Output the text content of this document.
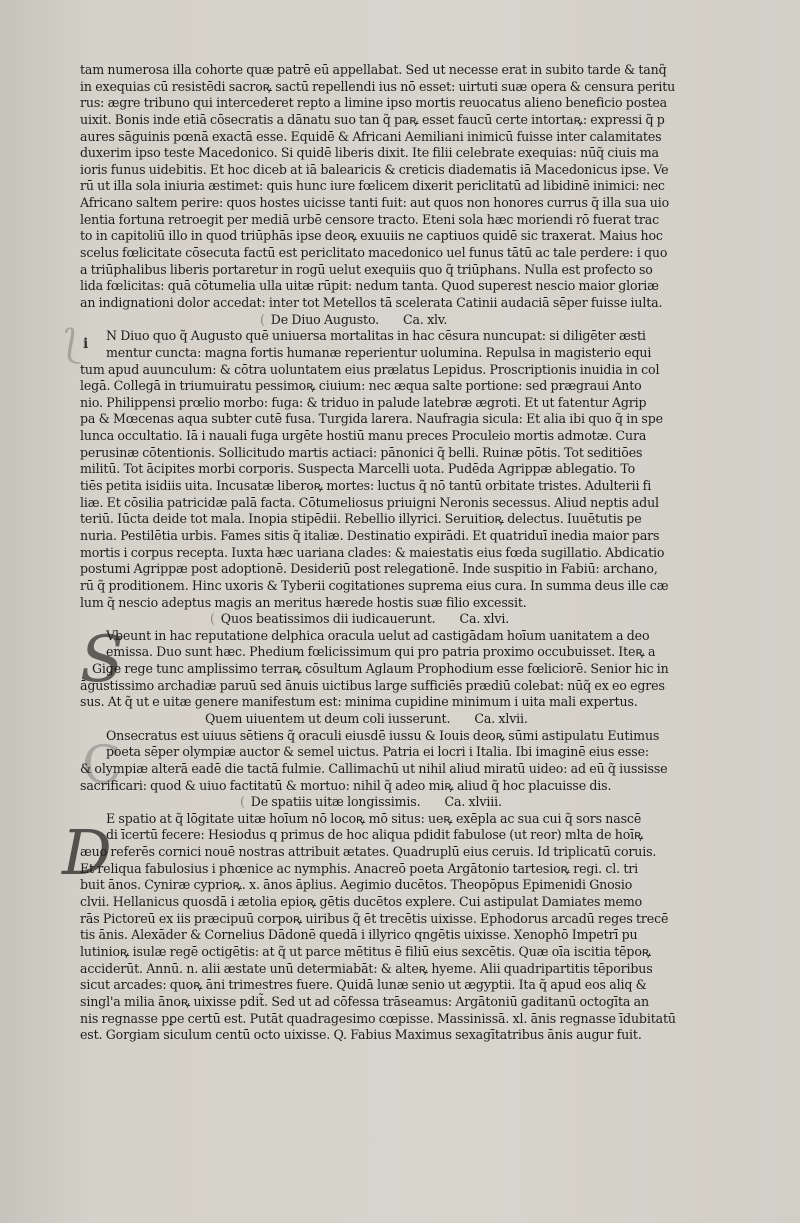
⟅ i
S
C
D
tam numerosa illa cohorte quæ patrē eū appellabat. Sed ut necesse erat in subito tarde & tanq̃
in exequias cū resistēdi sacroꝶ sactū repellendi ius nō esset: uirtuti suæ opera & censura peritu
rus: ægre tribuno qui intercederet repto a limine ipso mortis reuocatus alieno beneficio postea
uixit. Bonis inde etiā cōsecratis a dānatu suo tan q̃ paꝶ esset faucū certe intortaꝶ: expressi q̃ p
aures sāguinis pœnā exactā esse. Equidē & Africani Aemiliani inimicū fuisse inter calamitates
duxerim ipso teste Macedonico. Si quidē liberis dixit. Ite filii celebrate exequias: nūq̃ ciuis ma
ioris funus uidebitis. Et hoc diceb at iā balearicis & creticis diadematis iā Macedonicus ipse. Ve
rū ut illa sola iniuria æstimet: quis hunc iure fœlicem dixerit periclitatū ad libidinē inimici: nec
Africano saltem perire: quos hostes uicisse tanti fuit: aut quos non honores currus q̃ illa sua uio
lentia fortuna retroegit per mediā urbē censore tracto. Eteni sola hæc moriendi rō fuerat trac
to in capitoliū illo in quod triūphās ipse deoꝶ exuuiis ne captiuos quidē sic traxerat. Maius hoc
scelus fœlicitate cōsecuta factū est periclitato macedonico uel funus tātū ac tale perdere: i quo
a triūphalibus liberis portaretur in rogū uelut exequiis quo q̃ triūphans. Nulla est profecto so
lida fœlicitas: quā cōtumelia ulla uitæ rūpit: nedum tanta. Quod superest nescio maior gloriæ
an indignationi dolor accedat: inter tot Metellos tā scelerata Catinii audaciā sēper fuisse iulta.
( De Diuo Augusto. Ca. xlv.
N Diuo quo q̃ Augusto quē uniuersa mortalitas in hac cēsura nuncupat: si diligēter æsti
mentur cuncta: magna fortis humanæ reperientur uolumina. Repulsa in magisterio equi
tum apud auunculum: & cōtra uoluntatem eius prælatus Lepidus. Proscriptionis inuidia in col
legā. Collegā in triumuiratu pessimoꝶ ciuium: nec æqua salte portione: sed prægraui Anto
nio. Philippensi prœlio morbo: fuga: & triduo in palude latebræ ægroti. Et ut fatentur Agrip
pa & Mœcenas aqua subter cutē fusa. Turgida larera. Naufragia sicula: Et alia ibi quo q̃ in spe
lunca occultatio. Iā i nauali fuga urgēte hostiū manu preces Proculeio mortis admotæ. Cura
perusinæ cōtentionis. Sollicitudo martis actiaci: pānonici q̃ belli. Ruinæ pōtis. Tot seditiōes
militū. Tot ācipites morbi corporis. Suspecta Marcelli uota. Pudēda Agrippæ ablegatio. To
tiēs petita isidiis uita. Incusatæ liberoꝶ mortes: luctus q̃ nō tantū orbitate tristes. Adulterii fi
liæ. Et cōsilia patricidæ palā facta. Cōtumeliosus priuigni Neronis secessus. Aliud neptis adul
teriū. Iūcta deide tot mala. Inopia stipēdii. Rebellio illyrici. Seruitioꝶ delectus. Iuuētutis pe
nuria. Pestilētia urbis. Fames sitis q̃ italiæ. Destinatio expirādi. Et quatriduī inedia maior pars
mortis i corpus recepta. Iuxta hæc uariana clades: & maiestatis eius fœda sugillatio. Abdicatio
postumi Agrippæ post adoptionē. Desideriū post relegationē. Inde suspitio in Fabiū: archano,
rū q̃ proditionem. Hinc uxoris & Tyberii cogitationes suprema eius cura. In summa deus ille cæ
lum q̃ nescio adeptus magis an meritus hærede hostis suæ filio excessit.
( Quos beatissimos dii iudicauerunt. Ca. xlvi.
Vbeunt in hac reputatione delphica oracula uelut ad castigādam hoīum uanitatem a deo
emissa. Duo sunt hæc. Phedium fœlicissimum qui pro patria proximo occubuisset. Iteꝶ a
Gige rege tunc amplissimo terraꝶ cōsultum Aglaum Prophodium esse fœliciorē. Senior hic in
āgustissimo archadiæ paruū sed ānuis uictibus large sufficiēs prædiū colebat: nūq̃ ex eo egres
sus. At q̃ ut e uitæ genere manifestum est: minima cupidine minimum i uita mali expertus.
Quem uiuentem ut deum coli iusserunt. Ca. xlvii.
Onsecratus est uiuus sētiens q̃ oraculi eiusdē iussu & Iouis deoꝶ sūmi astipulatu Eutimus
poeta sēper olympiæ auctor & semel uictus. Patria ei locri i Italia. Ibi imaginē eius esse:
& olympiæ alterā eadē die tactā fulmie. Callimachū ut nihil aliud miratū uideo: ad eū q̃ iussisse
sacrificari: quod & uiuo factitatū & mortuo: nihil q̃ adeo miꝶ aliud q̃ hoc placuisse dis.
( De spatiis uitæ longissimis. Ca. xlviii.
E spatio at q̃ lōgitate uitæ hoīum nō locoꝶ mō situs: ueꝶ exēpla ac sua cui q̃ sors nascē
di īcertū fecere: Hesiodus q primus de hoc aliqua pdidit fabulose (ut reor) mlta de hoīꝶ
æuo referēs cornici nouē nostras attribuit ætates. Quadruplū eius ceruis. Id triplicatū coruis.
Et reliqua fabulosius i phœnice ac nymphis. Anacreō poeta Argātonio tartesioꝶ regi. cl. tri
buit ānos. Cyniræ cyprioꝶ. x. ānos āplius. Aegimio ducētos. Theopōpus Epimenidi Gnosio
clvii. Hellanicus quosdā i ætolia epioꝶ gētis ducētos explere. Cui astipulat Damiates memo
rās Pictoreū ex iis præcipuū corpoꝶ uiribus q̃ ēt trecētis uixisse. Ephodorus arcadū reges trecē
tis ānis. Alexāder & Cornelius Dādonē quedā i illyrico qngētis uixisse. Xenophō Impetrī pu
lutinioꝶ isulæ regē octigētis: at q̃ ut parce mētitus ē filiū eius sexcētis. Quæ oīa iscitia tēpoꝶ
acciderūt. Annū. n. alii æstate unū determiabāt: & alteꝶ hyeme. Alii quadripartitis tēporibus
sicut arcades: quoꝶ āni trimestres fuere. Quidā lunæ senio ut ægyptii. Ita q̃ apud eos aliq &
singl'a milia ānoꝶ uixisse pdit̃. Sed ut ad cōfessa trāseamus: Argātoniū gaditanū octogīta an
nis regnasse pꝑe certū est. Putāt quadragesimo cœpisse. Massinissā. xl. ānis regnasse īdubitatū
est. Gorgiam siculum centū octo uixisse. Q. Fabius Maximus sexagītatribus ānis augur fuit.
